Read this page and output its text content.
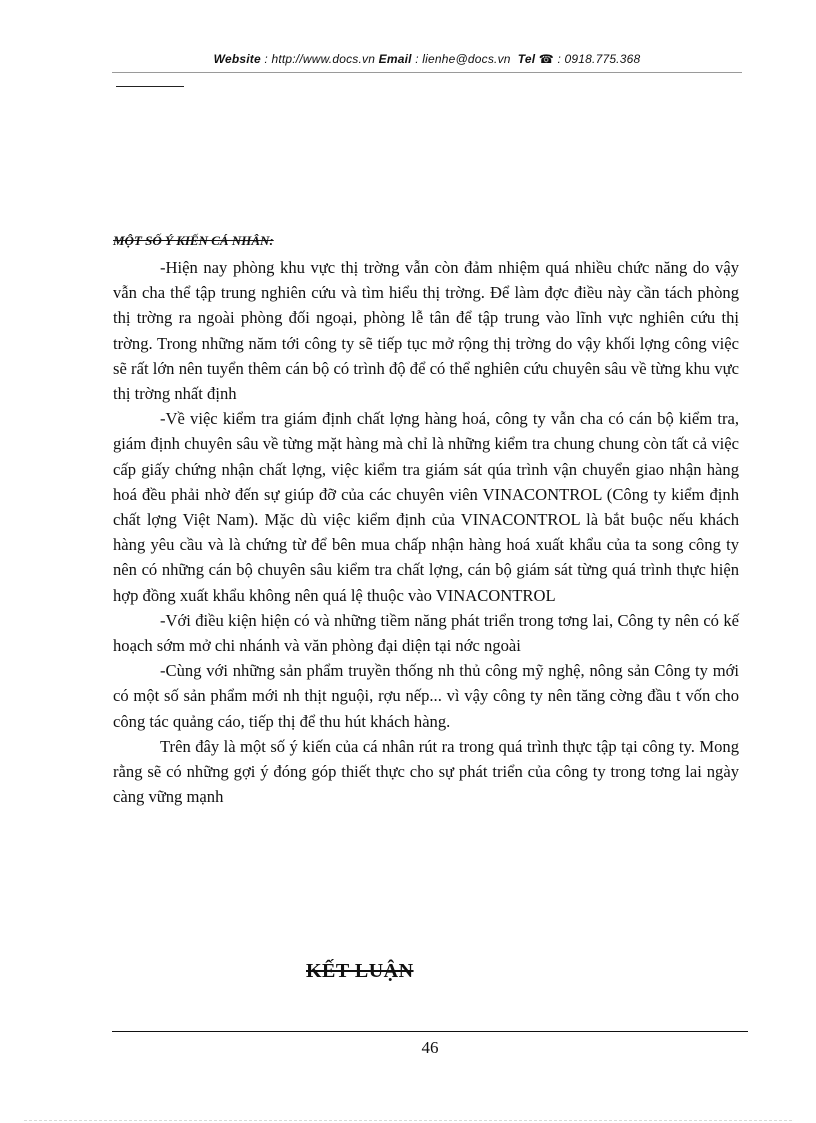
Website : http://www.docs.vn Email : lienhe@docs.vn Tel ☎ : 0918.775.368
MỘT SỐ Ý KIẾN CÁ NHÂN:

-Hiện nay phòng khu vực thị trờng vẫn còn đảm nhiệm quá nhiều chức năng do vậy vẫn cha thể tập trung nghiên cứu và tìm hiểu thị trờng. Để làm đợc điều này cần tách phòng thị trờng ra ngoài phòng đối ngoại, phòng lễ tân để tập trung vào lĩnh vực nghiên cứu thị trờng. Trong những năm tới công ty sẽ tiếp tục mở rộng thị trờng do vậy khối lợng công việc sẽ rất lớn nên tuyển thêm cán bộ có trình độ để có thể nghiên cứu chuyên sâu về từng khu vực thị trờng nhất định

-Về việc kiểm tra giám định chất lợng hàng hoá, công ty vẫn cha có cán bộ kiểm tra, giám định chuyên sâu về từng mặt hàng mà chỉ là những kiểm tra chung chung còn tất cả việc cấp giấy chứng nhận chất lợng, việc kiểm tra giám sát qúa trình vận chuyển giao nhận hàng hoá đều phải nhờ đến sự giúp đỡ của các chuyên viên VINACONTROL (Công ty kiểm định chất lợng Việt Nam). Mặc dù việc kiểm định của VINACONTROL là bắt buộc nếu khách hàng yêu cầu và là chứng từ để bên mua chấp nhận hàng hoá xuất khẩu của ta song công ty nên có những cán bộ chuyên sâu kiểm tra chất lợng, cán bộ giám sát từng quá trình thực hiện hợp đồng xuất khẩu không nên quá lệ thuộc vào VINACONTROL

-Với điều kiện hiện có và những tiềm năng phát triển trong tơng lai, Công ty nên có kế hoạch sớm mở chi nhánh và văn phòng đại diện tại nớc ngoài

-Cùng với những sản phẩm truyền thống nh thủ công mỹ nghệ, nông sản Công ty mới có một số sản phẩm mới nh thịt nguội, rợu nếp... vì vậy công ty nên tăng cờng đầu t vốn cho công tác quảng cáo, tiếp thị để thu hút khách hàng.

Trên đây là một số ý kiến của cá nhân rút ra trong quá trình thực tập tại công ty. Mong rằng sẽ có những gợi ý đóng góp thiết thực cho sự phát triển của công ty trong tơng lai ngày càng vững mạnh

KẾT LUẬN
46
